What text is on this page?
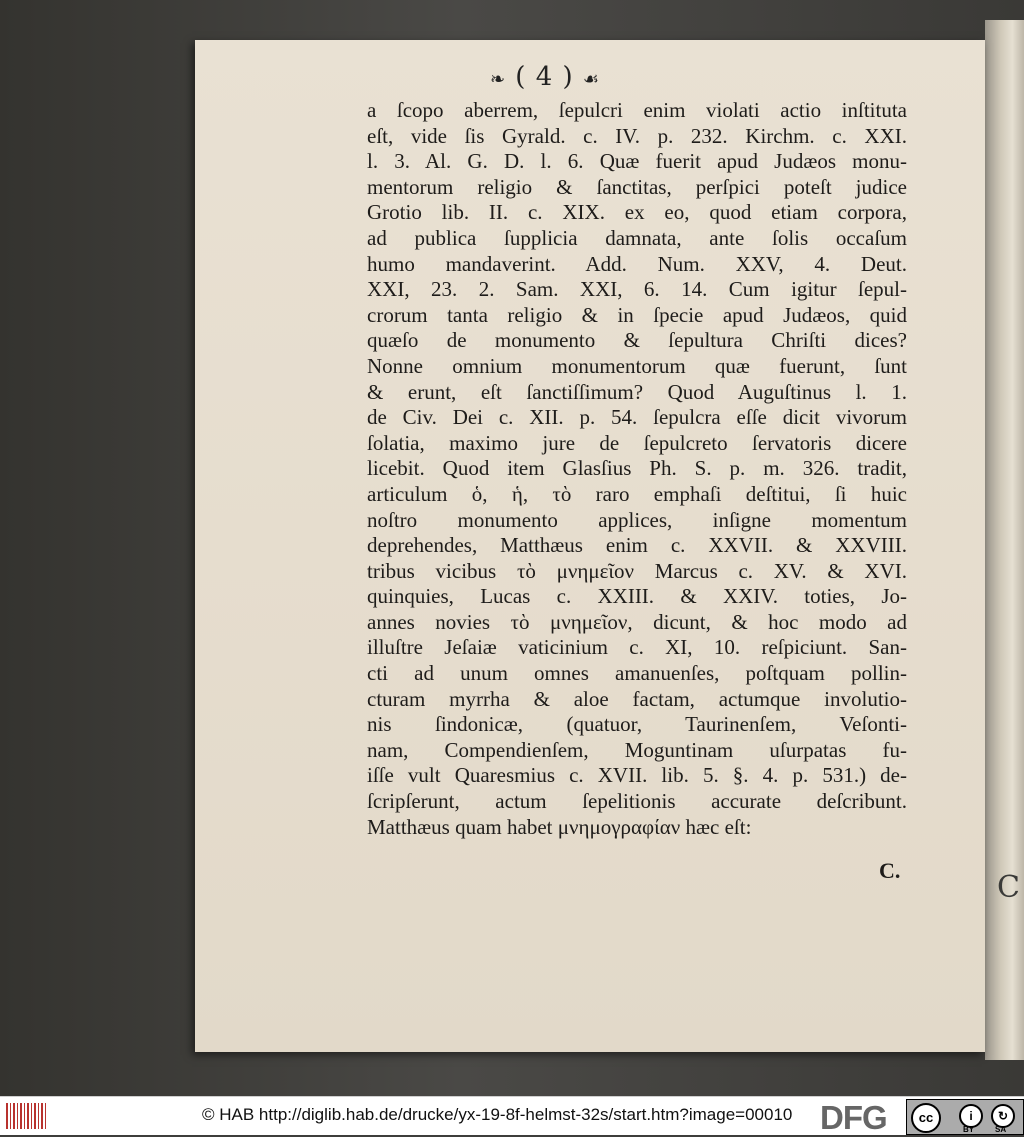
C
❧ ( 4 ) ☙
a ſcopo aberrem, ſepulcri enim violati actio inſtituta
eſt, vide ſis Gyrald. c. IV. p. 232. Kirchm. c. XXI.
l. 3. Al. G. D. l. 6. Quæ fuerit apud Judæos monu-
mentorum religio & ſanctitas, perſpici poteſt judice
Grotio lib. II. c. XIX. ex eo, quod etiam corpora,
ad publica ſupplicia damnata, ante ſolis occaſum
humo mandaverint. Add. Num. XXV, 4. Deut.
XXI, 23. 2. Sam. XXI, 6. 14. Cum igitur ſepul-
crorum tanta religio & in ſpecie apud Judæos, quid
quæſo de monumento & ſepultura Chriſti dices?
Nonne omnium monumentorum quæ fuerunt, ſunt
& erunt, eſt ſanctiſſimum? Quod Auguſtinus l. 1.
de Civ. Dei c. XII. p. 54. ſepulcra eſſe dicit vivorum
ſolatia, maximo jure de ſepulcreto ſervatoris dicere
licebit. Quod item Glasſius Ph. S. p. m. 326. tradit,
articulum ὁ, ἡ, τὸ raro emphaſi deſtitui, ſi huic
noſtro monumento applices, inſigne momentum
deprehendes, Matthæus enim c. XXVII. & XXVIII.
tribus vicibus τὸ μνημεῖον Marcus c. XV. & XVI.
quinquies, Lucas c. XXIII. & XXIV. toties, Jo-
annes novies τὸ μνημεῖον, dicunt, & hoc modo ad
illuſtre Jeſaiæ vaticinium c. XI, 10. reſpiciunt. San-
cti ad unum omnes amanuenſes, poſtquam pollin-
cturam myrrha & aloe factam, actumque involutio-
nis ſindonicæ, (quatuor, Taurinenſem, Veſonti-
nam, Compendienſem, Moguntinam uſurpatas fu-
iſſe vult Quaresmius c. XVII. lib. 5. §. 4. p. 531.) de-
ſcripſerunt, actum ſepelitionis accurate deſcribunt.
Matthæus quam habet μνημογραφίαν hæc eſt:
C.
© HAB http://diglib.hab.de/drucke/yx-19-8f-helmst-32s/start.htm?image=00010 DFG	cc	i	↻
BY	SA
